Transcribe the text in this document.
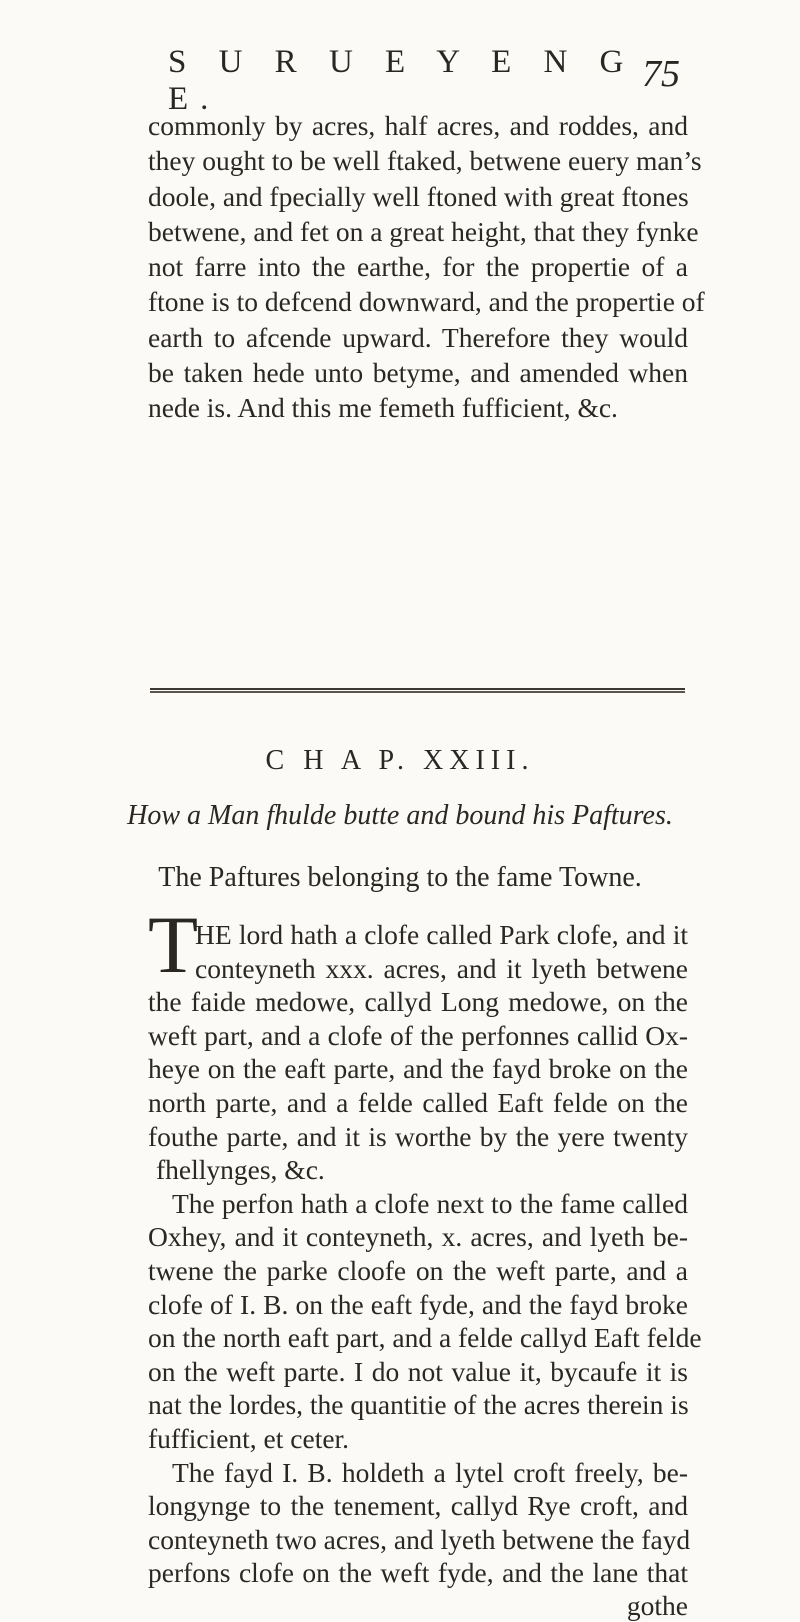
S U R U E Y E N G E.
75
commonly by acres, half acres, and roddes, and
they ought to be well ftaked, betwene euery man’s
doole, and fpecially well ftoned with great ftones
betwene, and fet on a great height, that they fynke
not farre into the earthe, for the propertie of a
ftone is to defcend downward, and the propertie of
earth to afcende upward. Therefore they would
be taken hede unto betyme, and amended when
nede is. And this me femeth fufficient, &c.
C H A P. XXIII.
How a Man fhulde butte and bound his Paftures.
The Paftures belonging to the fame Towne.
T
HE lord hath a clofe called Park clofe, and it
conteyneth xxx. acres, and it lyeth betwene
the faide medowe, callyd Long medowe, on the
weft part, and a clofe of the perfonnes callid Ox-
heye on the eaft parte, and the fayd broke on the
north parte, and a felde called Eaft felde on the
fouthe parte, and it is worthe by the yere twenty
fhellynges, &c.
The perfon hath a clofe next to the fame called
Oxhey, and it conteyneth, x. acres, and lyeth be-
twene the parke cloofe on the weft parte, and a
clofe of I. B. on the eaft fyde, and the fayd broke
on the north eaft part, and a felde callyd Eaft felde
on the weft parte. I do not value it, bycaufe it is
nat the lordes, the quantitie of the acres therein is
fufficient, et ceter.
gothe
The fayd I. B. holdeth a lytel croft freely, be-
longynge to the tenement, callyd Rye croft, and
conteyneth two acres, and lyeth betwene the fayd
perfons clofe on the weft fyde, and the lane that
